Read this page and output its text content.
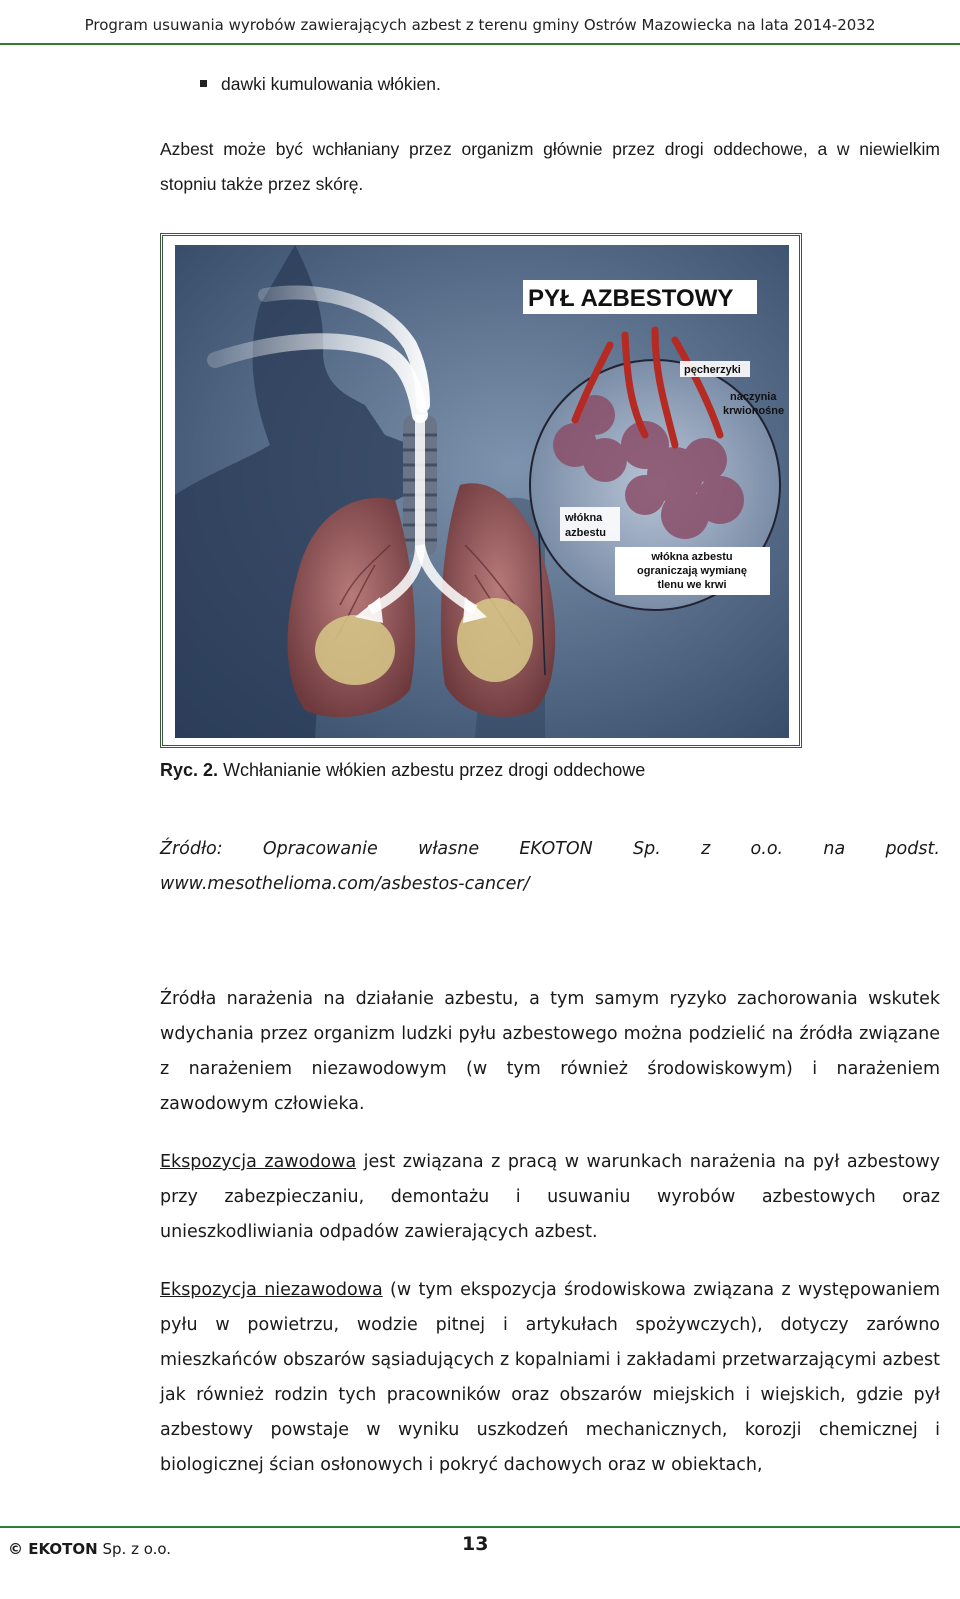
Program usuwania wyrobów zawierających azbest z terenu gminy Ostrów Mazowiecka na lata 2014-2032
dawki kumulowania włókien.

Azbest może być wchłaniany przez organizm głównie przez drogi oddechowe, a w niewielkim stopniu także przez skórę.

PYŁ AZBESTOWY
pęcherzyki
naczynia
krwionośne
włókna
azbestu
włókna azbestu
ograniczają wymianę
tlenu we krwi
Ryc. 2. Wchłanianie włókien azbestu przez drogi oddechowe
Źródło: Opracowanie własne EKOTON Sp. z o.o. na podst.
www.mesothelioma.com/asbestos-cancer/

Źródła narażenia na działanie azbestu, a tym samym ryzyko zachorowania wskutek wdychania przez organizm ludzki pyłu azbestowego można podzielić na źródła związane z narażeniem niezawodowym (w tym również środowiskowym) i narażeniem zawodowym człowieka.

Ekspozycja zawodowa jest związana z pracą w warunkach narażenia na pył azbestowy przy zabezpieczaniu, demontażu i usuwaniu wyrobów azbestowych oraz unieszkodliwiania odpadów zawierających azbest.

Ekspozycja niezawodowa (w tym ekspozycja środowiskowa związana z występowaniem pyłu w powietrzu, wodzie pitnej i artykułach spożywczych), dotyczy zarówno mieszkańców obszarów sąsiadujących z kopalniami i zakładami przetwarzającymi azbest jak również rodzin tych pracowników oraz obszarów miejskich i wiejskich, gdzie pył azbestowy powstaje w wyniku uszkodzeń mechanicznych, korozji chemicznej i biologicznej ścian osłonowych i pokryć dachowych oraz w obiektach,

© EKOTON Sp. z o.o.	13
